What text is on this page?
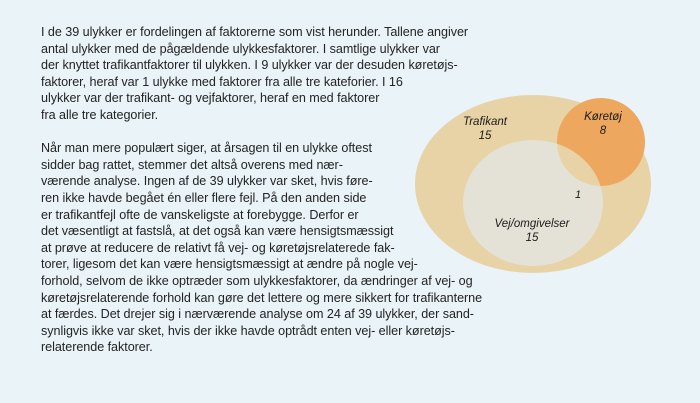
Trafikant
15
Køretøj
8
1
Vej/omgivelser
15

I de 39 ulykker er fordelingen af faktorerne som vist herunder. Tallene angiver
antal ulykker med de pågældende ulykkesfaktorer. I samtlige ulykker var
der knyttet trafikantfaktorer til ulykken. I 9 ulykker var der desuden køretøjs-
faktorer, heraf var 1 ulykke med faktorer fra alle tre kateforier. I 16
ulykker var der trafikant- og vejfaktorer, heraf en med faktorer
fra alle tre kategorier.

Når man mere populært siger, at årsagen til en ulykke oftest
sidder bag rattet, stemmer det altså overens med nær-
værende analyse. Ingen af de 39 ulykker var sket, hvis føre-
ren ikke havde begået én eller flere fejl. På den anden side
er trafikantfejl ofte de vanskeligste at forebygge. Derfor er
det væsentligt at fastslå, at det også kan være hensigtsmæssigt
at prøve at reducere de relativt få vej- og køretøjsrelaterede fak-
torer, ligesom det kan være hensigtsmæssigt at ændre på nogle vej-
forhold, selvom de ikke optræder som ulykkesfaktorer, da ændringer af vej- og
køretøjsrelaterende forhold kan gøre det lettere og mere sikkert for trafikanterne
at færdes. Det drejer sig i nærværende analyse om 24 af 39 ulykker, der sand-
synligvis ikke var sket, hvis der ikke havde optrådt enten vej- eller køretøjs-
relaterende faktorer.
